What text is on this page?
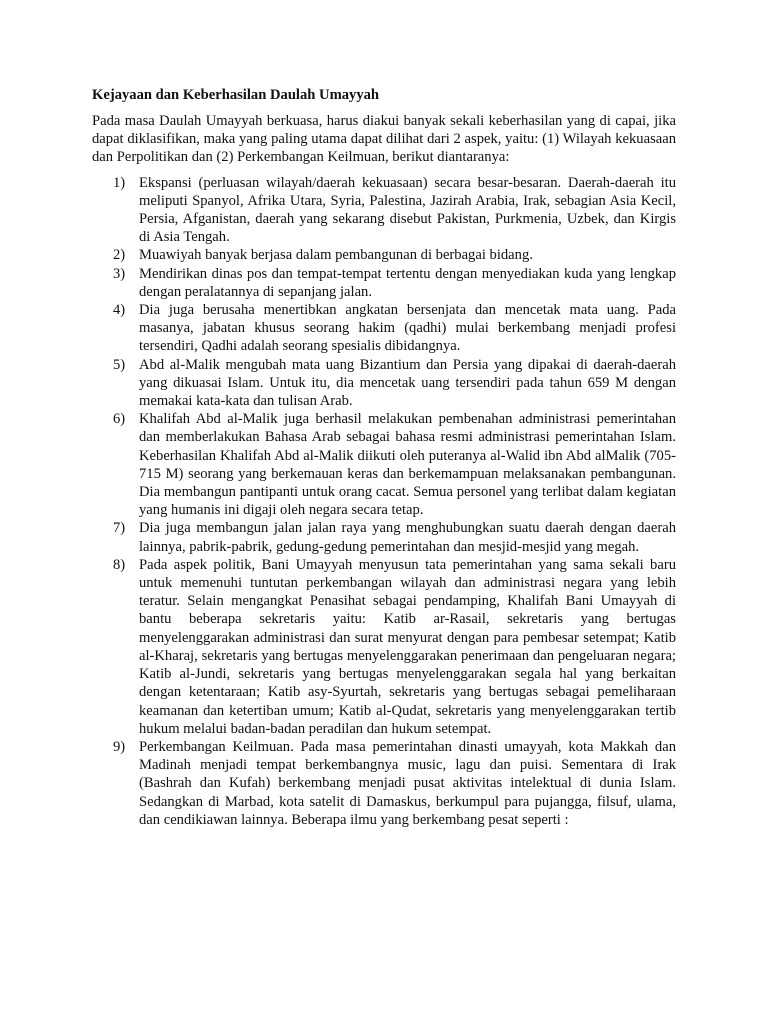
Kejayaan dan Keberhasilan Daulah Umayyah

Pada masa Daulah Umayyah berkuasa, harus diakui banyak sekali keberhasilan yang di capai, jika dapat diklasifikan, maka yang paling utama dapat dilihat dari 2 aspek, yaitu: (1) Wilayah kekuasaan dan Perpolitikan dan (2) Perkembangan Keilmuan, berikut diantaranya:

1) Ekspansi (perluasan wilayah/daerah kekuasaan) secara besar-besaran. Daerah-daerah itu meliputi Spanyol, Afrika Utara, Syria, Palestina, Jazirah Arabia, Irak, sebagian Asia Kecil, Persia, Afganistan, daerah yang sekarang disebut Pakistan, Purkmenia, Uzbek, dan Kirgis di Asia Tengah.
2) Muawiyah banyak berjasa dalam pembangunan di berbagai bidang.
3) Mendirikan dinas pos dan tempat-tempat tertentu dengan menyediakan kuda yang lengkap dengan peralatannya di sepanjang jalan.
4) Dia juga berusaha menertibkan angkatan bersenjata dan mencetak mata uang. Pada masanya, jabatan khusus seorang hakim (qadhi) mulai berkembang menjadi profesi tersendiri, Qadhi adalah seorang spesialis dibidangnya.
5) Abd al-Malik mengubah mata uang Bizantium dan Persia yang dipakai di daerah-daerah yang dikuasai Islam. Untuk itu, dia mencetak uang tersendiri pada tahun 659 M dengan memakai kata-kata dan tulisan Arab.
6) Khalifah Abd al-Malik juga berhasil melakukan pembenahan administrasi pemerintahan dan memberlakukan Bahasa Arab sebagai bahasa resmi administrasi pemerintahan Islam. Keberhasilan Khalifah Abd al-Malik diikuti oleh puteranya al-Walid ibn Abd alMalik (705-715 M) seorang yang berkemauan keras dan berkemampuan melaksanakan pembangunan. Dia membangun pantipanti untuk orang cacat. Semua personel yang terlibat dalam kegiatan yang humanis ini digaji oleh negara secara tetap.
7) Dia juga membangun jalan jalan raya yang menghubungkan suatu daerah dengan daerah lainnya, pabrik-pabrik, gedung-gedung pemerintahan dan mesjid-mesjid yang megah.
8) Pada aspek politik, Bani Umayyah menyusun tata pemerintahan yang sama sekali baru untuk memenuhi tuntutan perkembangan wilayah dan administrasi negara yang lebih teratur. Selain mengangkat Penasihat sebagai pendamping, Khalifah Bani Umayyah di bantu beberapa sekretaris yaitu: Katib ar-Rasail, sekretaris yang bertugas menyelenggarakan administrasi dan surat menyurat dengan para pembesar setempat; Katib al-Kharaj, sekretaris yang bertugas menyelenggarakan penerimaan dan pengeluaran negara; Katib al-Jundi, sekretaris yang bertugas menyelenggarakan segala hal yang berkaitan dengan ketentaraan; Katib asy-Syurtah, sekretaris yang bertugas sebagai pemeliharaan keamanan dan ketertiban umum; Katib al-Qudat, sekretaris yang menyelenggarakan tertib hukum melalui badan-badan peradilan dan hukum setempat.
9) Perkembangan Keilmuan. Pada masa pemerintahan dinasti umayyah, kota Makkah dan Madinah menjadi tempat berkembangnya music, lagu dan puisi. Sementara di Irak (Bashrah dan Kufah) berkembang menjadi pusat aktivitas intelektual di dunia Islam. Sedangkan di Marbad, kota satelit di Damaskus, berkumpul para pujangga, filsuf, ulama, dan cendikiawan lainnya. Beberapa ilmu yang berkembang pesat seperti :
